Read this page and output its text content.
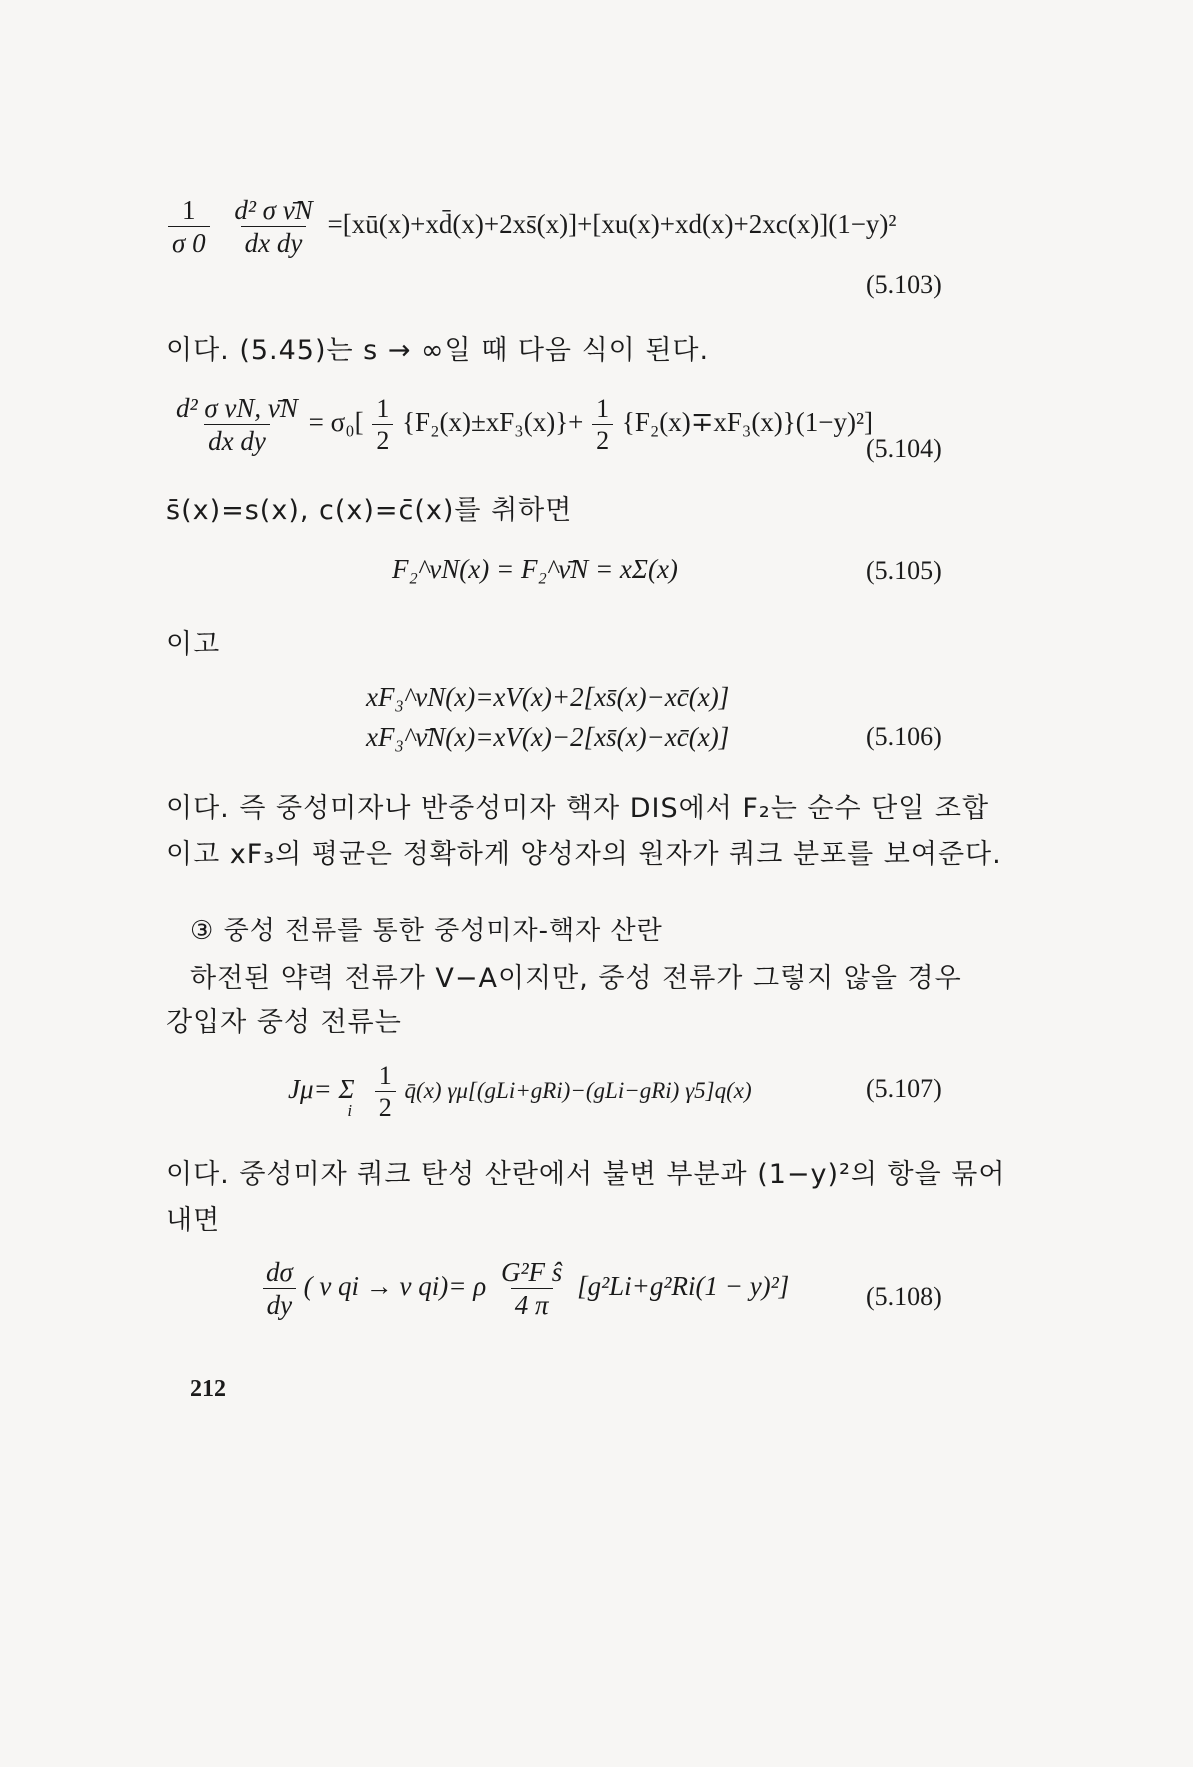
$\frac{1}{\sigma 0}$
$\frac{\text{d² σ ν̄N}}{\text{dx dy}}$ =[xū(x)+xd̄(x)+2xs̄(x)]+[xu(x)+xd(x)+2xc(x)](1−y)²
(5.103)
이다. (5.45)는 s → ∞일 때 다음 식이 된다.
$\frac{\text{d² σ νN, ν̄N}}{\text{dx dy}} = \sigma_0[ \frac{1}{2} \{F_2(x)\pm xF_3(x)\}+ \frac{1}{2} \{F_2(x)\mp xF_3(x)\}(1-y)^2]$
(5.104)
s̄(x)=s(x), c(x)=c̄(x)를 취하면
F₂^νN(x) = F₂^ν̄N = xΣ(x)	(5.105)
이고
xF₃^νN(x)=xV(x)+2[xs̄(x)−xc̄(x)]
xF₃^ν̄N(x)=xV(x)−2[xs̄(x)−xc̄(x)]	(5.106)
이다. 즉 중성미자나 반중성미자 핵자 DIS에서 F₂는 순수 단일 조합
이고 xF₃의 평균은 정확하게 양성자의 원자가 쿼크 분포를 보여준다.
③ 중성 전류를 통한 중성미자-핵자 산란
하전된 약력 전류가 V−A이지만, 중성 전류가 그렇지 않을 경우
강입자 중성 전류는
Jμ= Σ $_i \frac{1}{2}$ q̄(x) γμ[(gLi+gRi)−(gLi−gRi) γ5]q(x)	(5.107)
이다. 중성미자 쿼크 탄성 산란에서 불변 부분과 (1−y)²의 항을 묶어
내면
$\frac{d\sigma}{dy}$ ( ν qi → ν qi)= ρ $\frac{\text{G²F ŝ}}{4 \pi} [g^2Li+g^2Ri(1 - y)^2]$	(5.108)
212
